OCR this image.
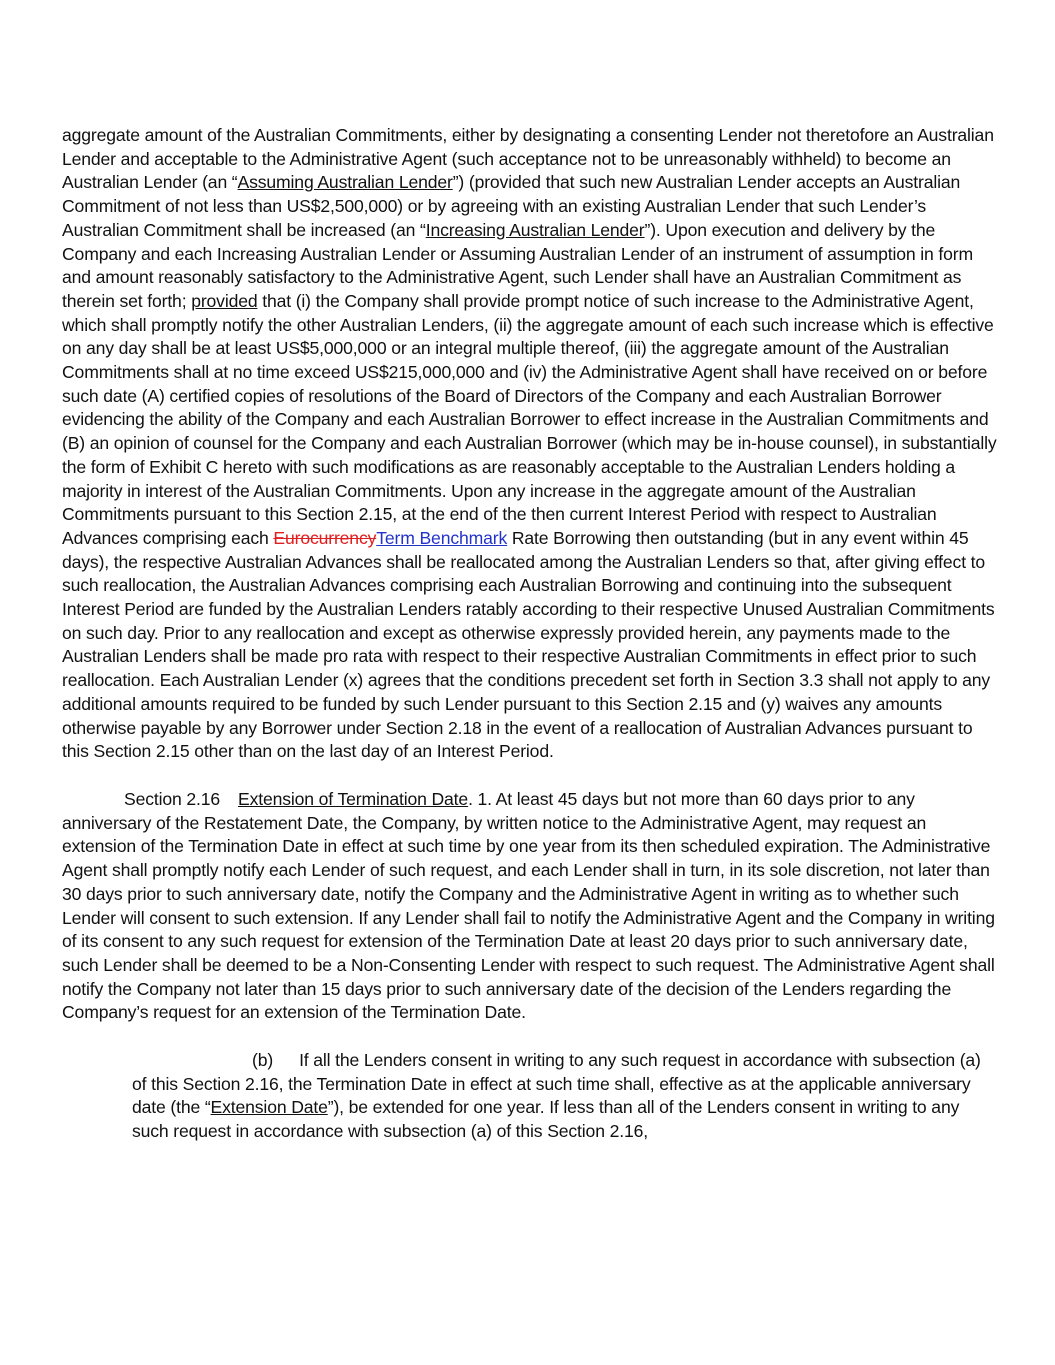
aggregate amount of the Australian Commitments, either by designating a consenting Lender not theretofore an Australian Lender and acceptable to the Administrative Agent (such acceptance not to be unreasonably withheld) to become an Australian Lender (an “Assuming Australian Lender”) (provided that such new Australian Lender accepts an Australian Commitment of not less than US$2,500,000) or by agreeing with an existing Australian Lender that such Lender’s Australian Commitment shall be increased (an “Increasing Australian Lender”). Upon execution and delivery by the Company and each Increasing Australian Lender or Assuming Australian Lender of an instrument of assumption in form and amount reasonably satisfactory to the Administrative Agent, such Lender shall have an Australian Commitment as therein set forth; provided that (i) the Company shall provide prompt notice of such increase to the Administrative Agent, which shall promptly notify the other Australian Lenders, (ii) the aggregate amount of each such increase which is effective on any day shall be at least US$5,000,000 or an integral multiple thereof, (iii) the aggregate amount of the Australian Commitments shall at no time exceed US$215,000,000 and (iv) the Administrative Agent shall have received on or before such date (A) certified copies of resolutions of the Board of Directors of the Company and each Australian Borrower evidencing the ability of the Company and each Australian Borrower to effect increase in the Australian Commitments and (B) an opinion of counsel for the Company and each Australian Borrower (which may be in-house counsel), in substantially the form of Exhibit C hereto with such modifications as are reasonably acceptable to the Australian Lenders holding a majority in interest of the Australian Commitments. Upon any increase in the aggregate amount of the Australian Commitments pursuant to this Section 2.15, at the end of the then current Interest Period with respect to Australian Advances comprising each EurocurrencyTerm Benchmark Rate Borrowing then outstanding (but in any event within 45 days), the respective Australian Advances shall be reallocated among the Australian Lenders so that, after giving effect to such reallocation, the Australian Advances comprising each Australian Borrowing and continuing into the subsequent Interest Period are funded by the Australian Lenders ratably according to their respective Unused Australian Commitments on such day. Prior to any reallocation and except as otherwise expressly provided herein, any payments made to the Australian Lenders shall be made pro rata with respect to their respective Australian Commitments in effect prior to such reallocation. Each Australian Lender (x) agrees that the conditions precedent set forth in Section 3.3 shall not apply to any additional amounts required to be funded by such Lender pursuant to this Section 2.15 and (y) waives any amounts otherwise payable by any Borrower under Section 2.18 in the event of a reallocation of Australian Advances pursuant to this Section 2.15 other than on the last day of an Interest Period.

Section 2.16 Extension of Termination Date. 1. At least 45 days but not more than 60 days prior to any anniversary of the Restatement Date, the Company, by written notice to the Administrative Agent, may request an extension of the Termination Date in effect at such time by one year from its then scheduled expiration. The Administrative Agent shall promptly notify each Lender of such request, and each Lender shall in turn, in its sole discretion, not later than 30 days prior to such anniversary date, notify the Company and the Administrative Agent in writing as to whether such Lender will consent to such extension. If any Lender shall fail to notify the Administrative Agent and the Company in writing of its consent to any such request for extension of the Termination Date at least 20 days prior to such anniversary date, such Lender shall be deemed to be a Non-Consenting Lender with respect to such request. The Administrative Agent shall notify the Company not later than 15 days prior to such anniversary date of the decision of the Lenders regarding the Company’s request for an extension of the Termination Date.

(b) If all the Lenders consent in writing to any such request in accordance with subsection (a) of this Section 2.16, the Termination Date in effect at such time shall, effective as at the applicable anniversary date (the “Extension Date”), be extended for one year. If less than all of the Lenders consent in writing to any such request in accordance with subsection (a) of this Section 2.16,
